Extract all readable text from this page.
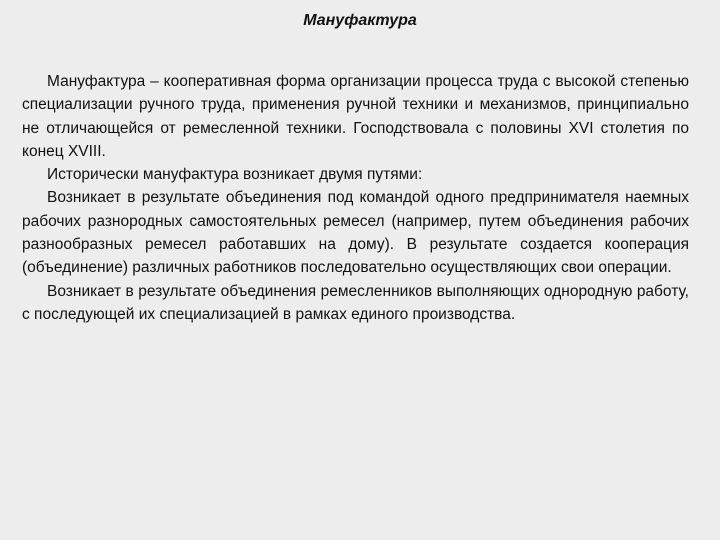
Мануфактура

Мануфактура – кооперативная форма организации процесса труда с высокой степенью специализации ручного труда, применения ручной техники и механизмов, принципиально не отличающейся от ремесленной техники. Господствовала с половины XVI столетия по конец XVIII.

Исторически мануфактура возникает двумя путями:

Возникает в результате объединения под командой одного предпринимателя наемных рабочих разнородных самостоятельных ремесел (например, путем объединения рабочих разнообразных ремесел работавших на дому). В результате создается кооперация (объединение) различных работников последовательно осуществляющих свои операции.

Возникает в результате объединения ремесленников выполняющих однородную работу, с последующей их специализацией в рамках единого производства.
